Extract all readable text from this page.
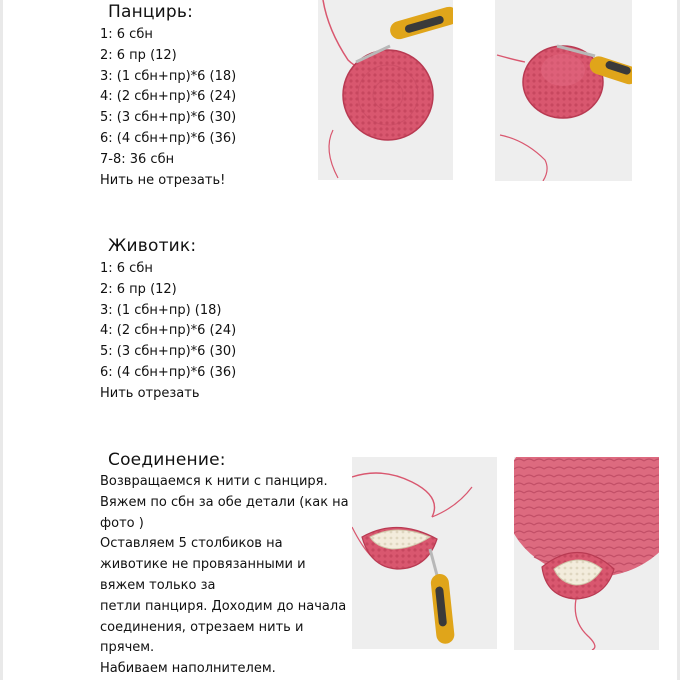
Панцирь:
1: 6 сбн
2: 6 пр (12)
3: (1 сбн+пр)*6 (18)
4: (2 сбн+пр)*6 (24)
5: (3 сбн+пр)*6 (30)
6: (4 сбн+пр)*6 (36)
7-8: 36 сбн
Нить не отрезать!
Животик:
1: 6 сбн
2: 6 пр (12)
3: (1 сбн+пр) (18)
4: (2 сбн+пр)*6 (24)
5: (3 сбн+пр)*6 (30)
6: (4 сбн+пр)*6 (36)
Нить отрезать
Соединение:
Возвращаемся к нити с панциря.
Вяжем по сбн за обе детали (как на
фото )
Оставляем 5 столбиков на
животике не провязанными и
вяжем только за
петли панциря. Доходим до начала
соединения, отрезаем нить и
прячем.
Набиваем наполнителем.
